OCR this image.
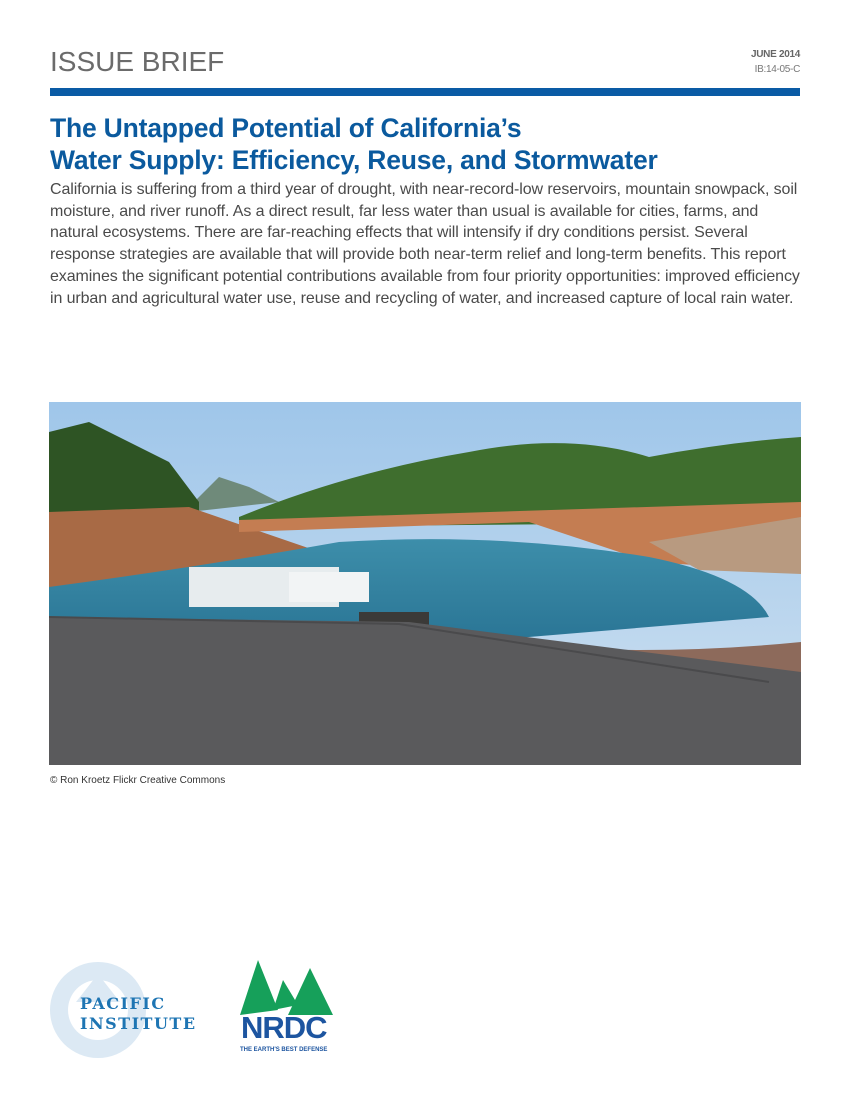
ISSUE BRIEF	JUNE 2014
IB:14-05-C
The Untapped Potential of California’s
Water Supply: Efficiency, Reuse, and Stormwater
California is suffering from a third year of drought, with near-record-low reservoirs, mountain snowpack, soil moisture, and river runoff. As a direct result, far less water than usual is available for cities, farms, and natural ecosystems. There are far-reaching effects that will intensify if dry conditions persist. Several response strategies are available that will provide both near-term relief and long-term benefits. This report examines the significant potential contributions available from four priority opportunities: improved efficiency in urban and agricultural water use, reuse and recycling of water, and increased capture of local rain water.
© Ron Kroetz Flickr Creative Commons
PACIFIC
INSTITUTE NRDC
THE EARTH'S BEST DEFENSE
